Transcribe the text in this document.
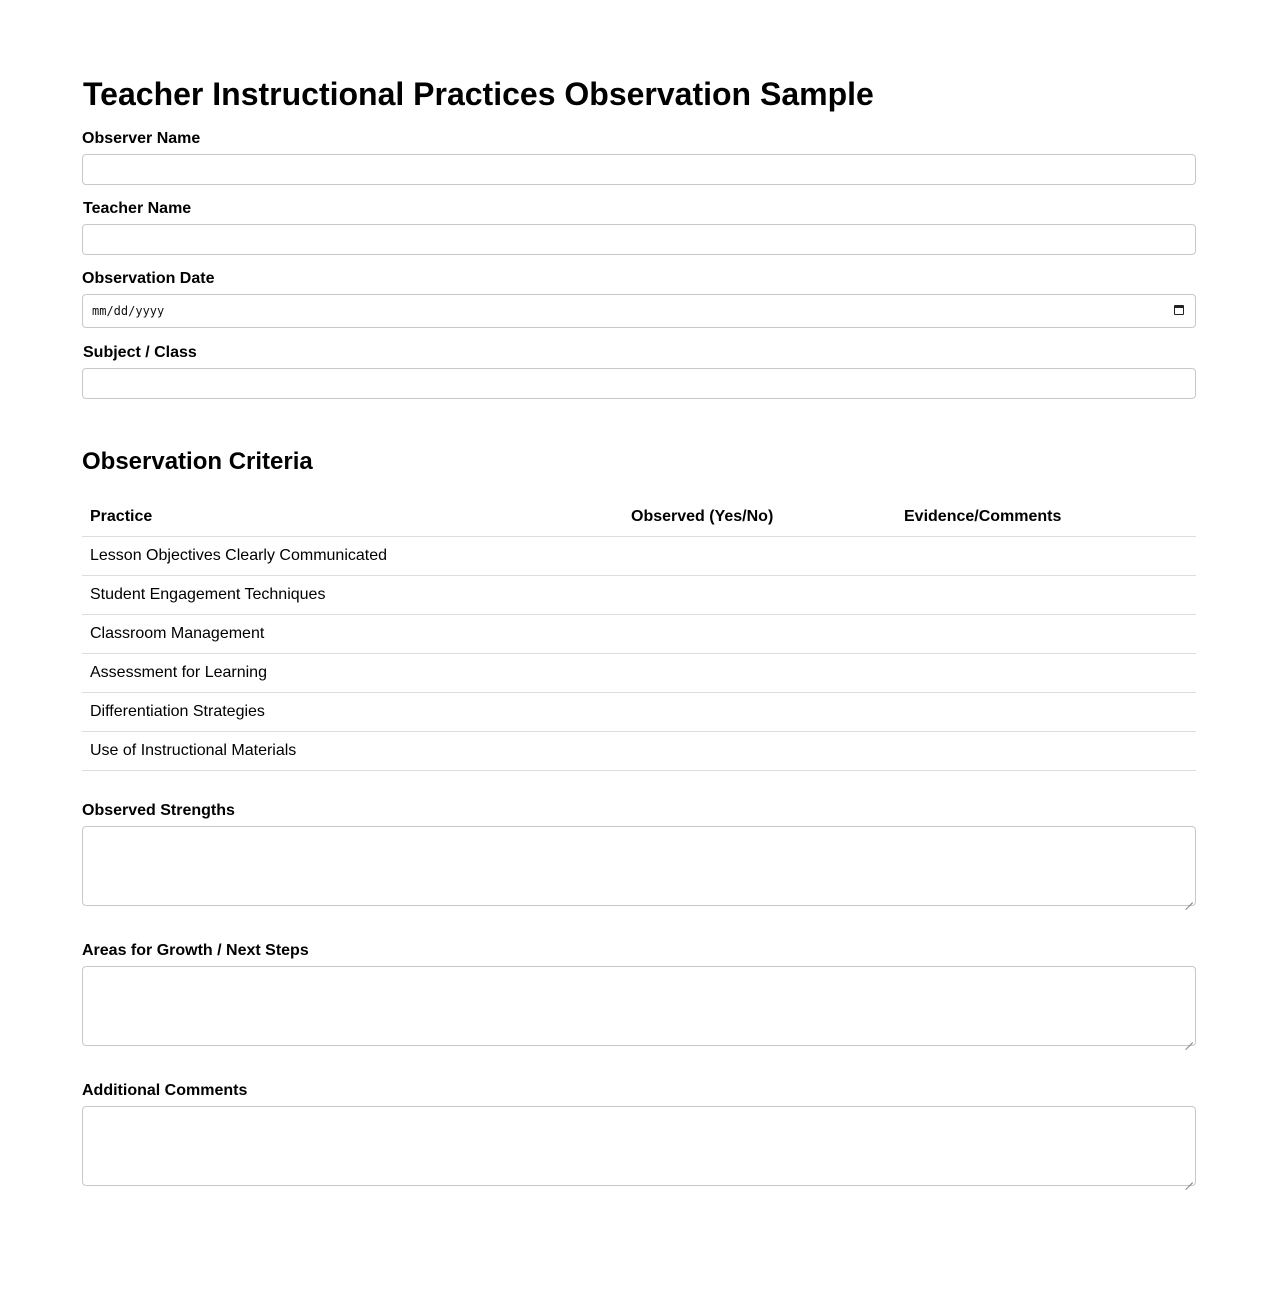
Teacher Instructional Practices Observation Sample
Observer Name
Teacher Name
Observation Date
mm/dd/yyyy
Subject / Class
Observation Criteria
Practice	Observed (Yes/No)	Evidence/Comments
Lesson Objectives Clearly Communicated		
Student Engagement Techniques		
Classroom Management		
Assessment for Learning		
Differentiation Strategies		
Use of Instructional Materials		
Observed Strengths
Areas for Growth / Next Steps
Additional Comments
